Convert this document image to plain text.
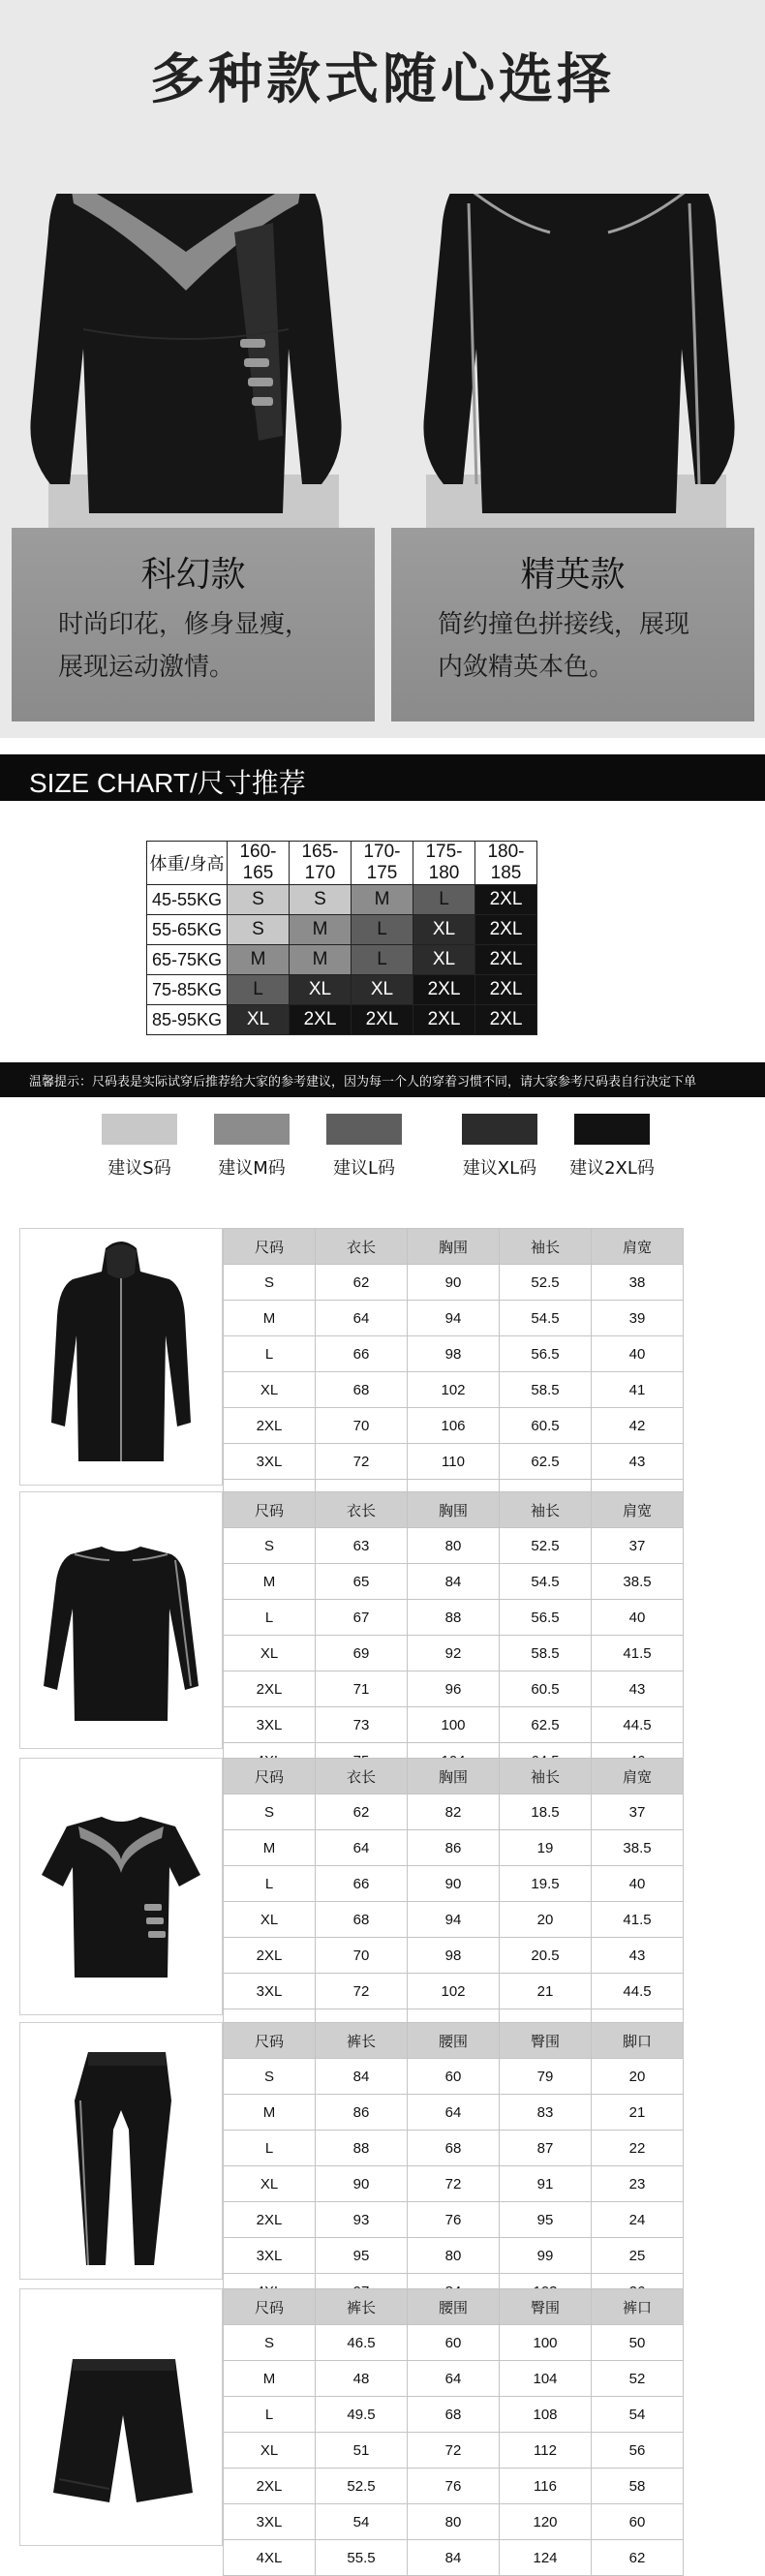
多种款式随心选择
科幻款
时尚印花，修身显瘦，
展现运动激情。
精英款
简约撞色拼接线，展现
内敛精英本色。
SIZE CHART/尺寸推荐
体重/身高	160-165	165-170	170-175	175-180	180-185
45-55KG	S	S	M	L	2XL
55-65KG	S	M	L	XL	2XL
65-75KG	M	M	L	XL	2XL
75-85KG	L	XL	XL	2XL	2XL
85-95KG	XL	2XL	2XL	2XL	2XL
温馨提示：尺码表是实际试穿后推荐给大家的参考建议，因为每一个人的穿着习惯不同，请大家参考尺码表自行决定下单
建议S码	建议M码	建议L码	建议XL码	建议2XL码
尺码	衣长	胸围	袖长	肩宽
S	62	90	52.5	38
M	64	94	54.5	39
L	66	98	56.5	40
XL	68	102	58.5	41
2XL	70	106	60.5	42
3XL	72	110	62.5	43

尺码	衣长	胸围	袖长	肩宽
S	63	80	52.5	37
M	65	84	54.5	38.5
L	67	88	56.5	40
XL	69	92	58.5	41.5
2XL	71	96	60.5	43
3XL	73	100	62.5	44.5

尺码	衣长	胸围	袖长	肩宽
S	62	82	18.5	37
M	64	86	19	38.5
L	66	90	19.5	40
XL	68	94	20	41.5
2XL	70	98	20.5	43
3XL	72	102	21	44.5

尺码	裤长	腰围	臀围	脚口
S	84	60	79	20
M	86	64	83	21
L	88	68	87	22
XL	90	72	91	23
2XL	93	76	95	24
3XL	95	80	99	25

尺码	裤长	腰围	臀围	裤口
S	46.5	60	100	50
M	48	64	104	52
L	49.5	68	108	54
XL	51	72	112	56
2XL	52.5	76	116	58
3XL	54	80	120	60
4XL	55.5	84	124	62
